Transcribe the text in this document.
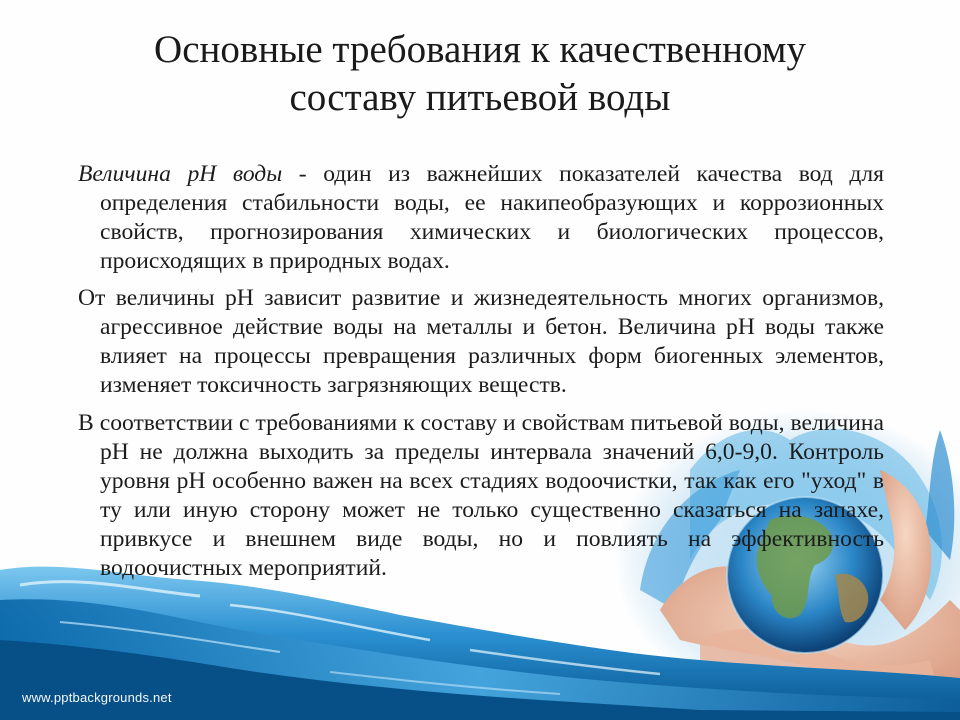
Основные требования к качественному
составу питьевой воды

Величина рН воды - один из важнейших показателей качества вод для определения стабильности воды, ее накипеобразующих и коррозионных свойств, прогнозирования химических и биологических процессов, происходящих в природных водах.

От величины рН зависит развитие и жизнедеятельность многих организмов, агрессивное действие воды на металлы и бетон. Величина рН воды также влияет на процессы превращения различных форм биогенных элементов, изменяет токсичность загрязняющих веществ.

В соответствии с требованиями к составу и свойствам питьевой воды, величина рН не должна выходить за пределы интервала значений 6,0-9,0. Контроль уровня рН особенно важен на всех стадиях водоочистки, так как его "уход" в ту или иную сторону может не только существенно сказаться на запахе, привкусе и внешнем виде воды, но и повлиять на эффективность водоочистных мероприятий.

www.pptbackgrounds.net
